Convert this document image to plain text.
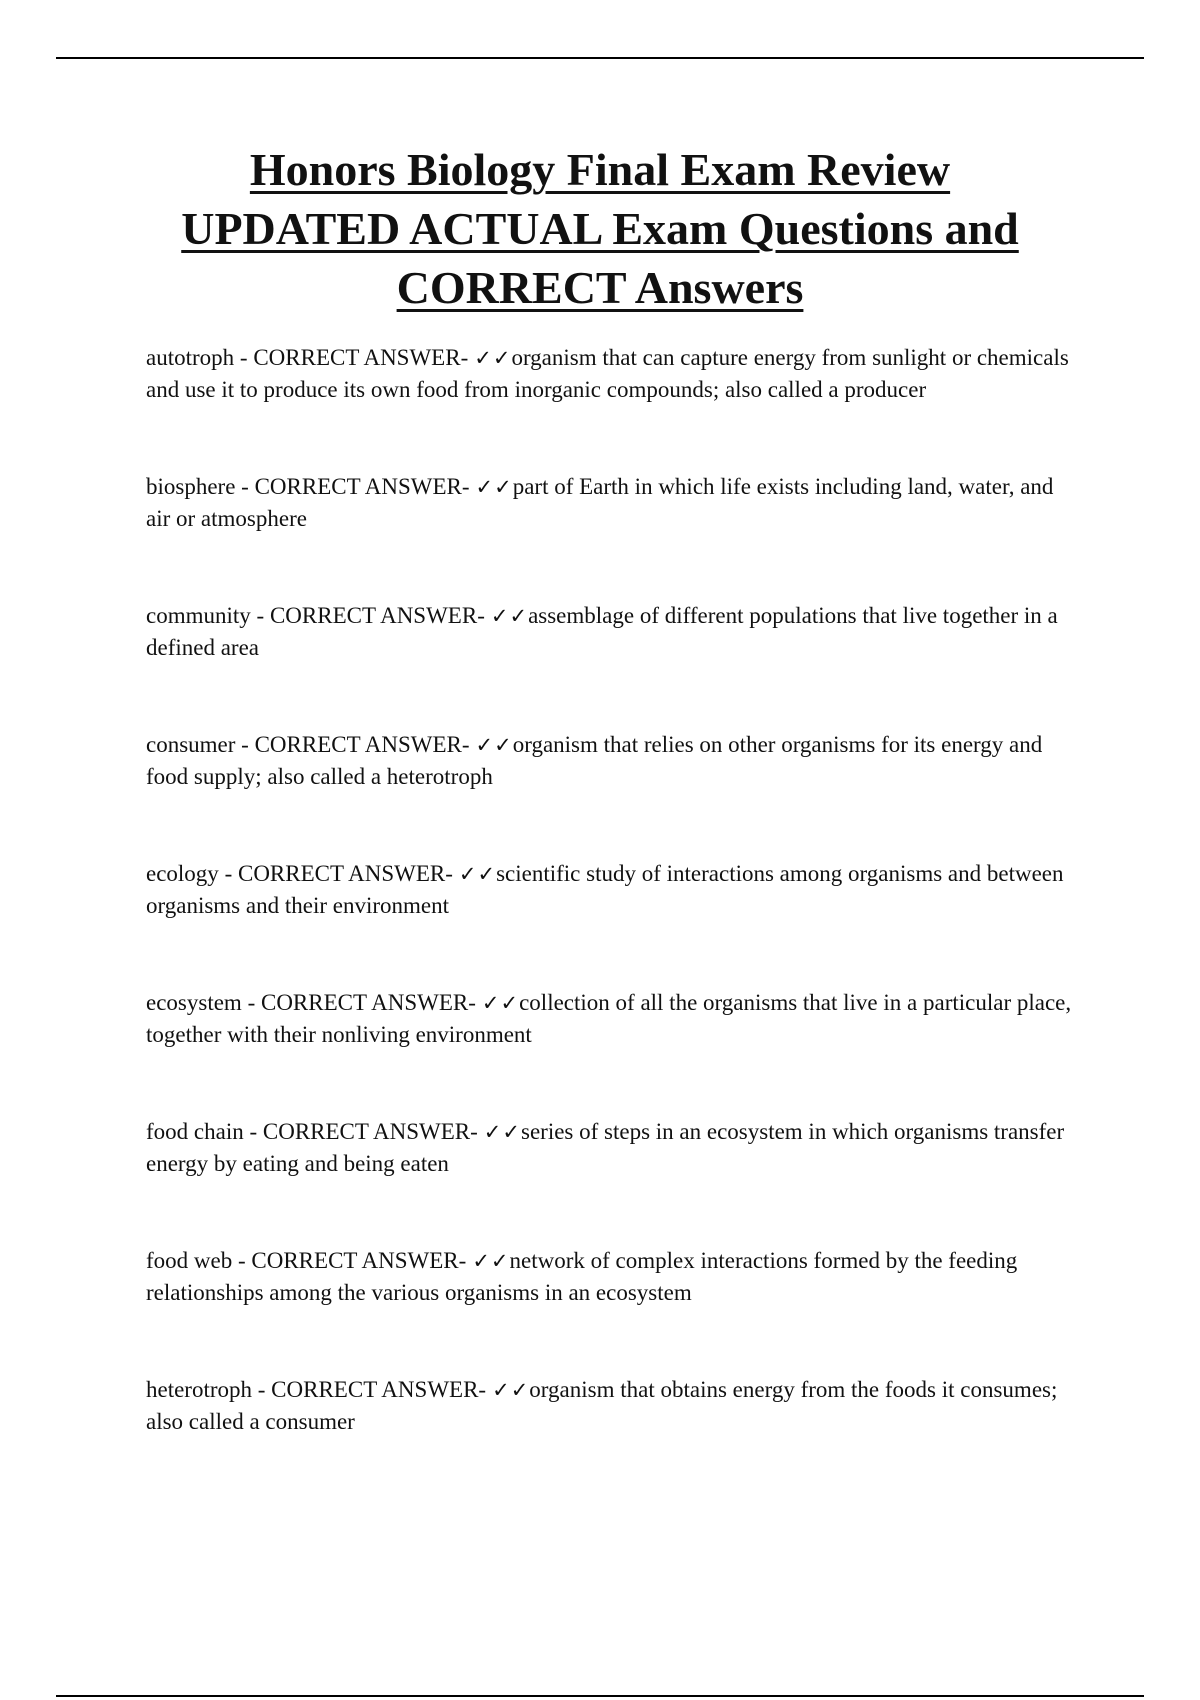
Honors Biology Final Exam Review
UPDATED ACTUAL Exam Questions and
CORRECT Answers

autotroph - CORRECT ANSWER- ✓✓organism that can capture energy from sunlight or chemicals and use it to produce its own food from inorganic compounds; also called a producer

biosphere - CORRECT ANSWER- ✓✓part of Earth in which life exists including land, water, and air or atmosphere

community - CORRECT ANSWER- ✓✓assemblage of different populations that live together in a defined area

consumer - CORRECT ANSWER- ✓✓organism that relies on other organisms for its energy and food supply; also called a heterotroph

ecology - CORRECT ANSWER- ✓✓scientific study of interactions among organisms and between organisms and their environment

ecosystem - CORRECT ANSWER- ✓✓collection of all the organisms that live in a particular place, together with their nonliving environment

food chain - CORRECT ANSWER- ✓✓series of steps in an ecosystem in which organisms transfer energy by eating and being eaten

food web - CORRECT ANSWER- ✓✓network of complex interactions formed by the feeding relationships among the various organisms in an ecosystem

heterotroph - CORRECT ANSWER- ✓✓organism that obtains energy from the foods it consumes; also called a consumer
